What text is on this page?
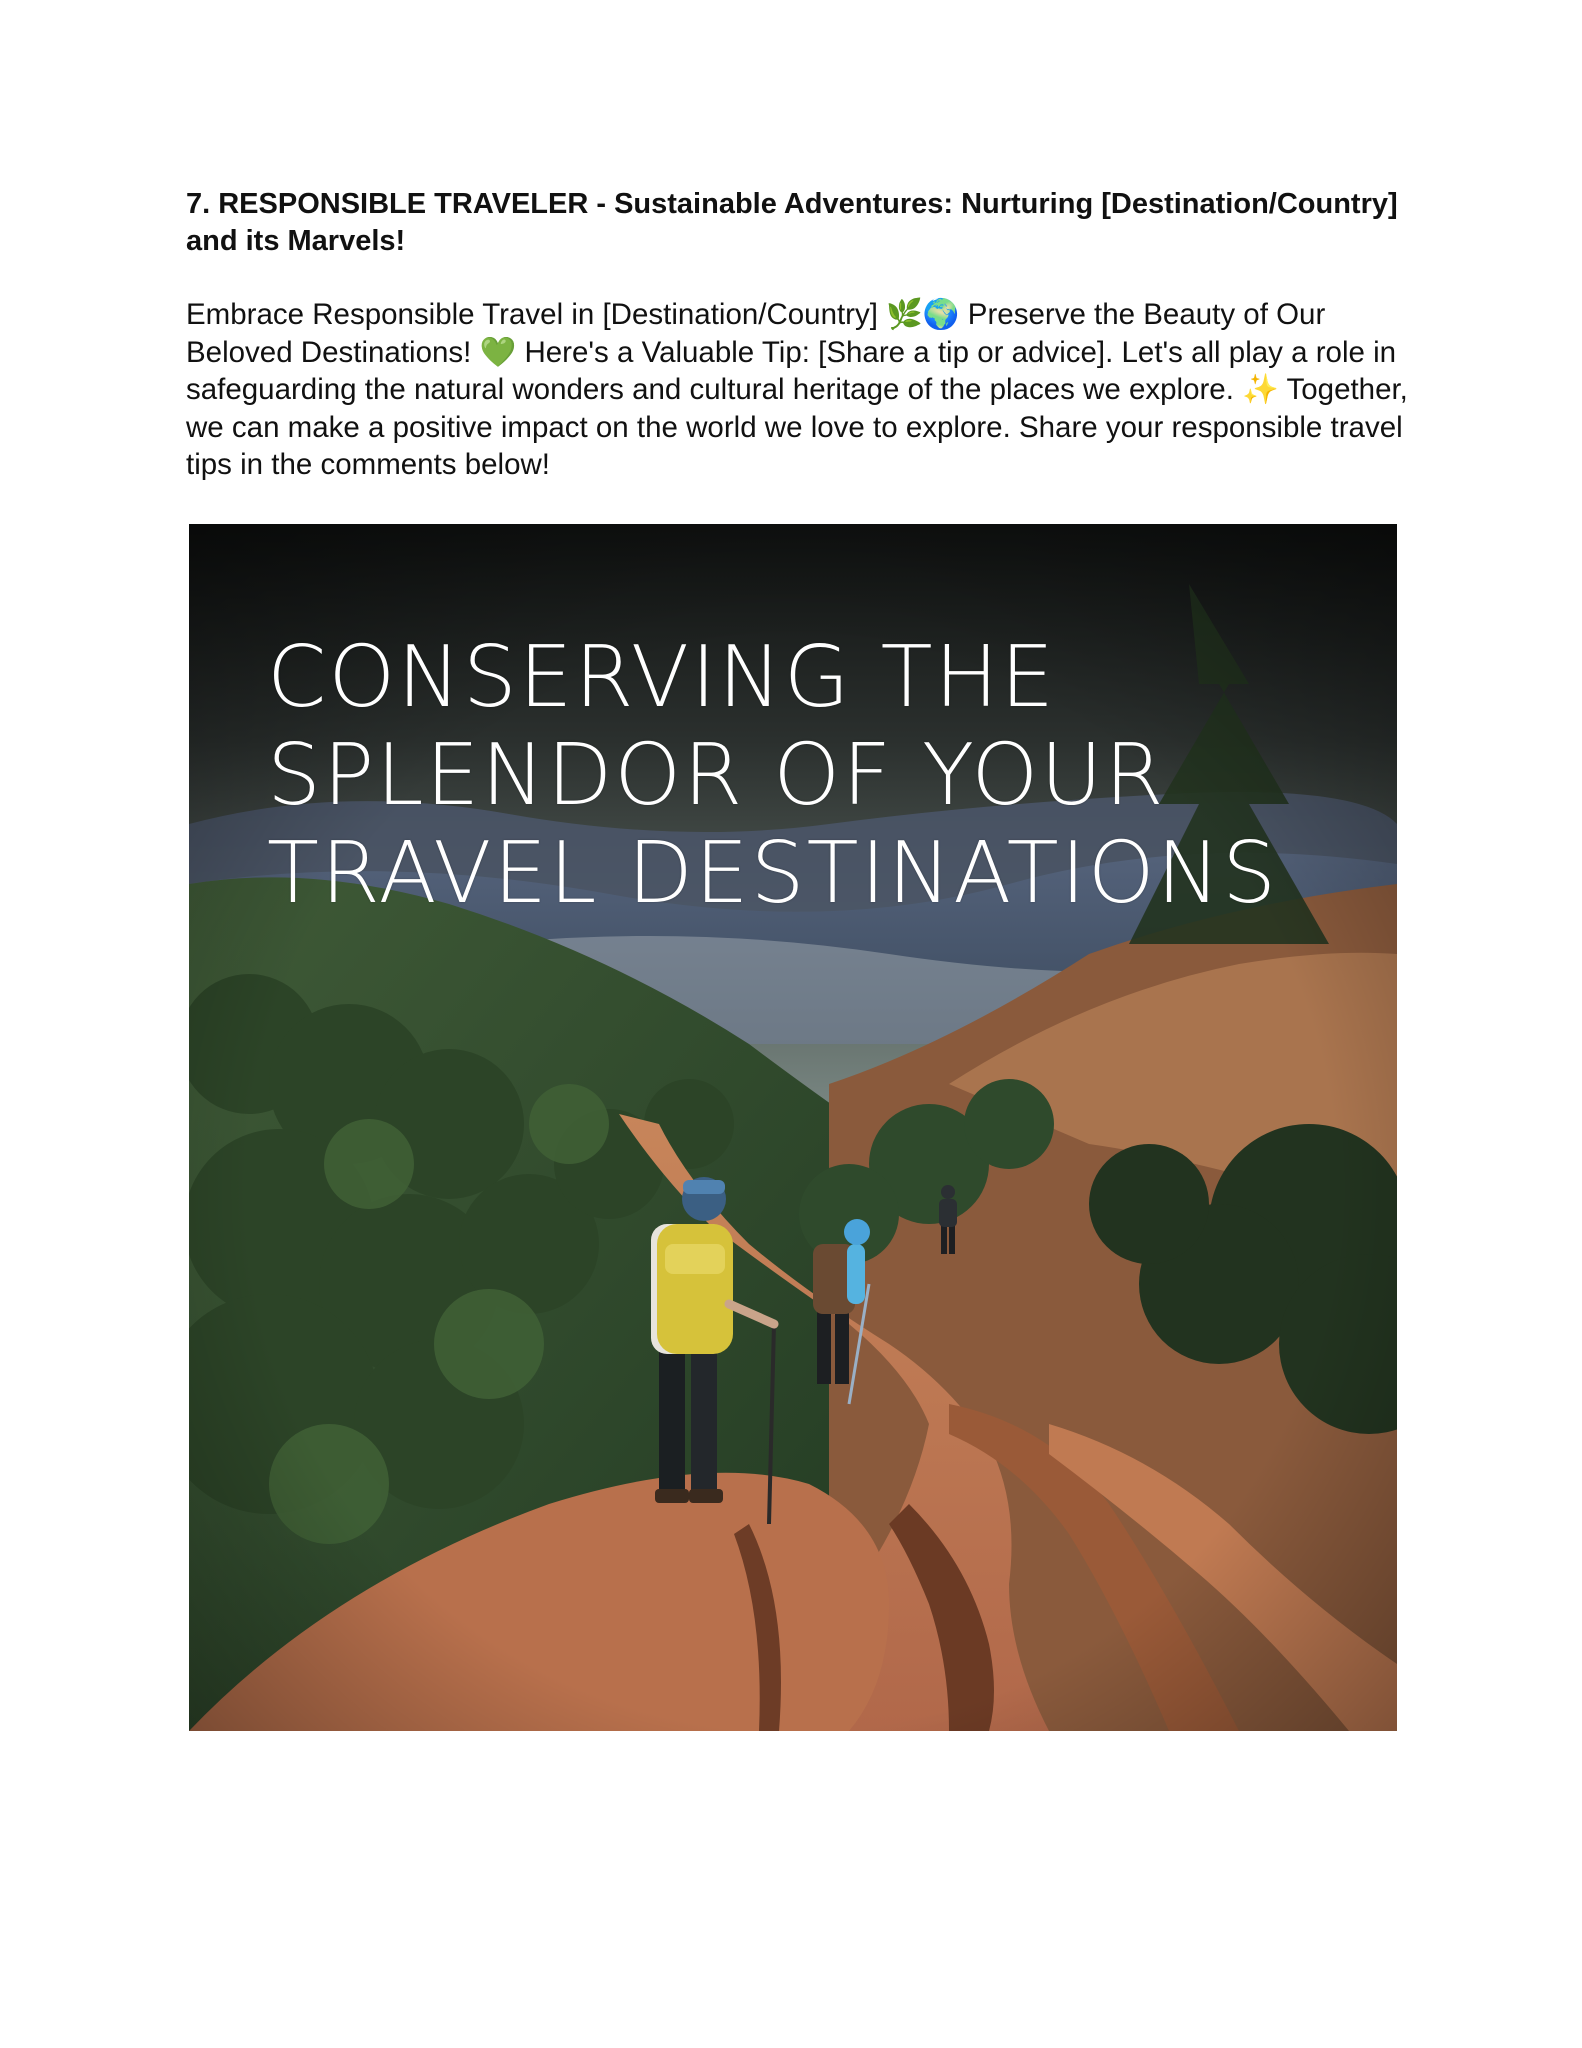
7. RESPONSIBLE TRAVELER - Sustainable Adventures: Nurturing [Destination/Country] and its Marvels!

Embrace Responsible Travel in [Destination/Country] 🌿🌍 Preserve the Beauty of Our Beloved Destinations! 💚 Here's a Valuable Tip: [Share a tip or advice]. Let's all play a role in safeguarding the natural wonders and cultural heritage of the places we explore. ✨ Together, we can make a positive impact on the world we love to explore. Share your responsible travel tips in the comments below!

CONSERVING THE
SPLENDOR OF YOUR
TRAVEL DESTINATIONS
